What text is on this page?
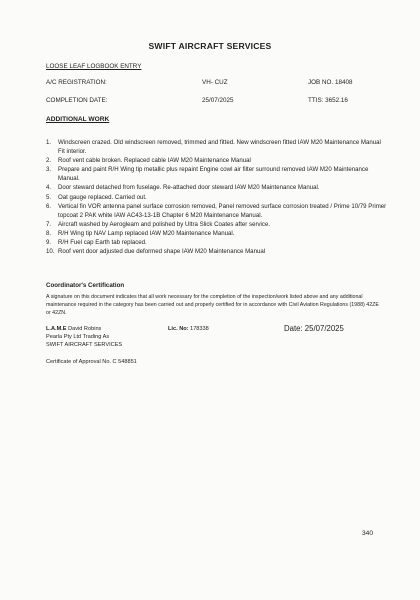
SWIFT AIRCRAFT SERVICES
LOOSE LEAF LOGBOOK ENTRY
A/C REGISTRATION:	VH- CUZ	JOB NO. 18408
COMPLETION DATE:	25/07/2025	TTIS: 3652.16
ADDITIONAL WORK
1. Windscreen crazed. Old windscreen removed, trimmed and fitted. New windscreen fitted IAW M20 Maintenance Manual Fit interior.
2. Roof vent cable broken. Replaced cable IAW M20 Maintenance Manual
3. Prepare and paint R/H Wing tip metallic plus repaint Engine cowl air filter surround removed IAW M20 Maintenance Manual.
4. Door steward detached from fuselage. Re-attached door steward IAW M20 Maintenance Manual.
5. Oat gauge replaced. Carried out.
6. Vertical fin VOR antenna panel surface corrosion removed, Panel removed surface corrosion treated / Prime 10/79 Primer topcoat 2 PAK white IAW AC43-13-1B Chapter 6 M20 Maintenance Manual.
7. Aircraft washed by Aerogleam and polished by Ultra Slick Coates after service.
8. R/H Wing tip NAV Lamp replaced IAW M20 Maintenance Manual.
9. R/H Fuel cap Earth tab replaced.
10. Roof vent door adjusted due deformed shape IAW M20 Maintenance Manual
Coordinator's Certification
A signature on this document indicates that all work necessary for the completion of the inspection/work listed above and any additional maintenance required in the category has been carried out and properly certified for in accordance with Civil Aviation Regulations (1988) 42ZE or 42ZN.
L.A.M.E David Robins
Pearla Pty Ltd Trading As
SWIFT AIRCRAFT SERVICES
Lic. No: 178338	Date: 25/07/2025
Certificate of Approval No. C 548851
340
